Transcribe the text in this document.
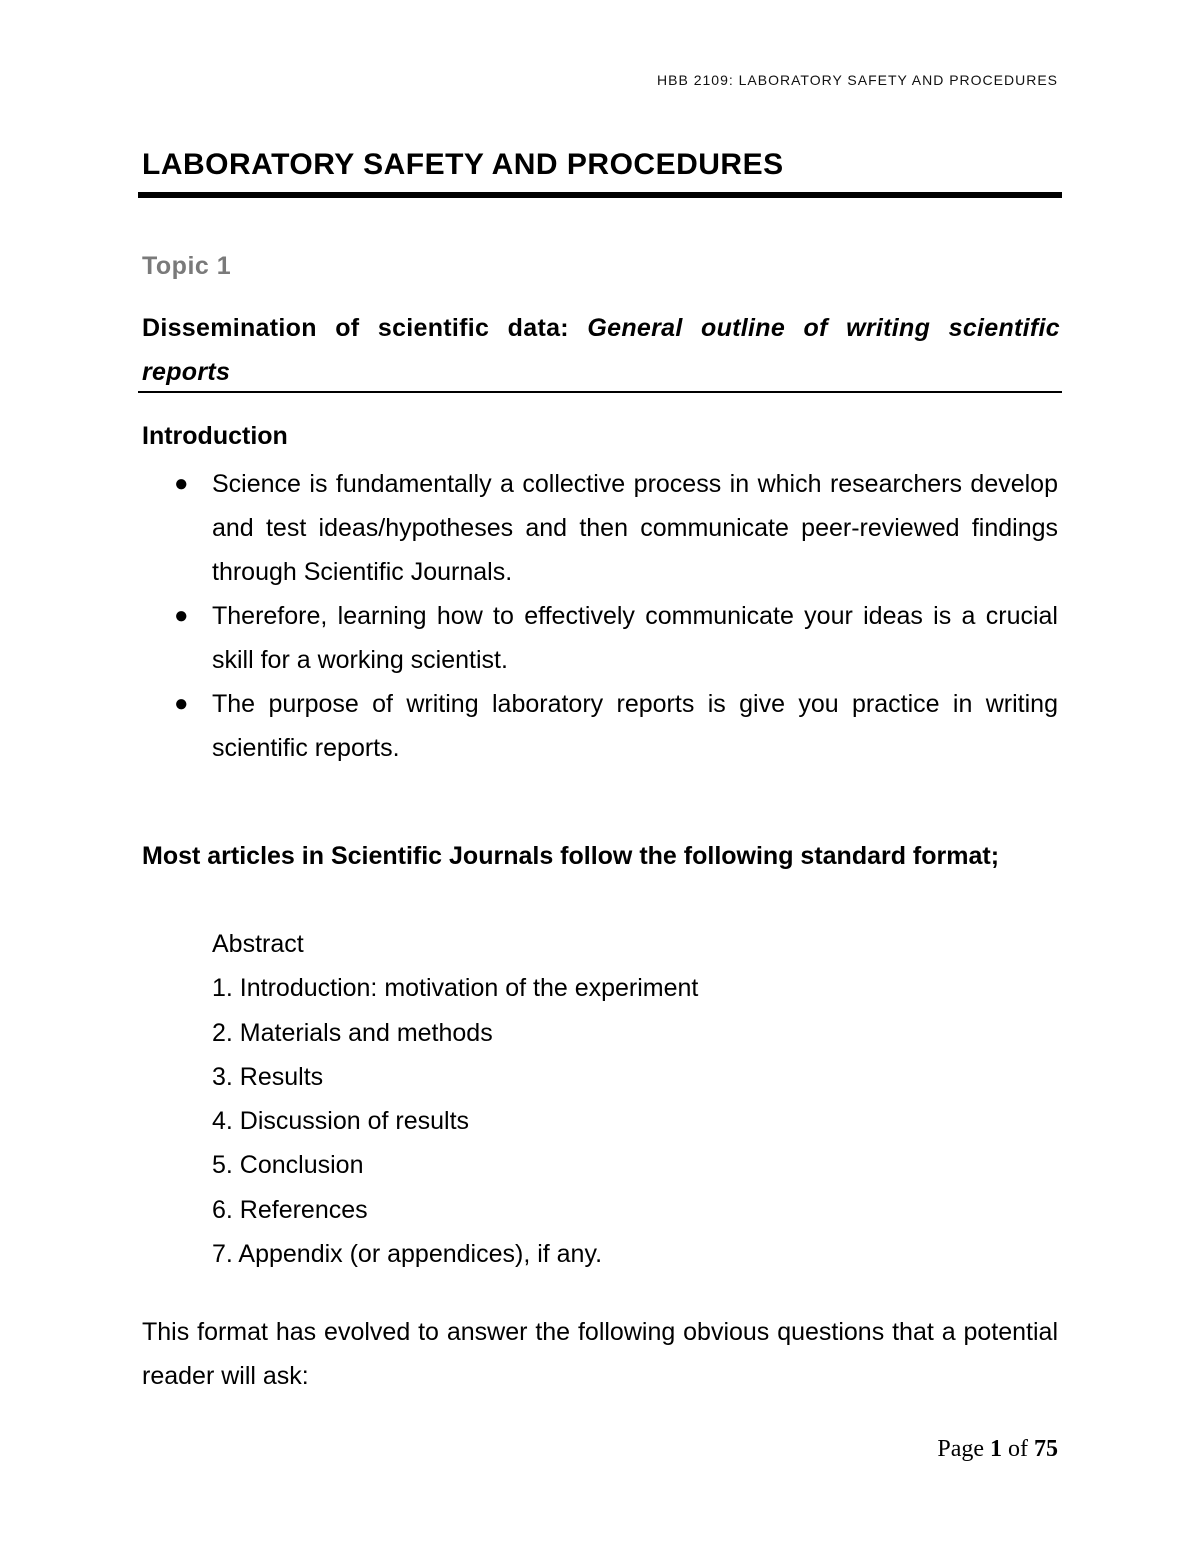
HBB 2109: LABORATORY SAFETY AND PROCEDURES
LABORATORY SAFETY AND PROCEDURES
Topic 1
Dissemination of scientific data: General outline of writing scientific reports
Introduction
● Science is fundamentally a collective process in which researchers develop and test ideas/hypotheses and then communicate peer-reviewed findings through Scientific Journals.
● Therefore, learning how to effectively communicate your ideas is a crucial skill for a working scientist.
● The purpose of writing laboratory reports is give you practice in writing scientific reports.
Most articles in Scientific Journals follow the following standard format;
Abstract
1. Introduction: motivation of the experiment
2. Materials and methods
3. Results
4. Discussion of results
5. Conclusion
6. References
7. Appendix (or appendices), if any.
This format has evolved to answer the following obvious questions that a potential reader will ask:
Page 1 of 75
